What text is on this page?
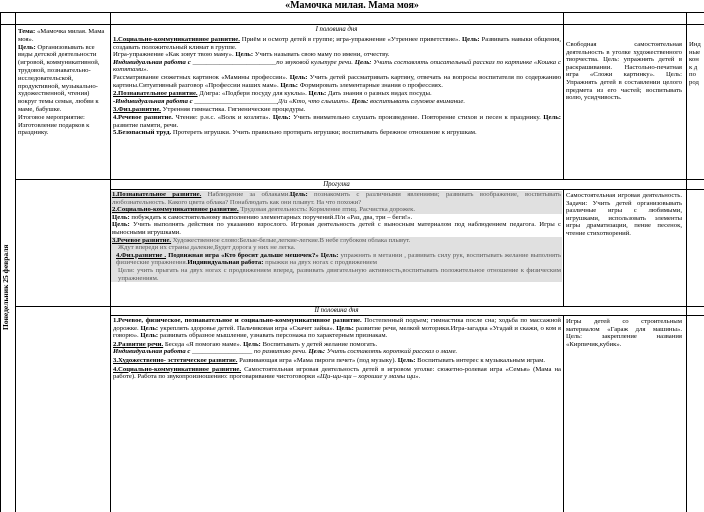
«Мамочка милая. Мама моя»
Понедельник 25 февраля

Тема: «Мамочка милая. Мама моя».

Цель: Организовывать все виды детской деятельности (игровой, коммуникативной, трудовой, познавательно-исследовательской, продуктивной, музыкально-художественной, чтения) вокруг темы семьи, любви к маме, бабушке.

Итоговое мероприятие: Изготовление подарков к празднику.

I половина дня

1.Социально-коммуникативное развитие. Приём и осмотр детей в группе; игра-упражнение «Утреннее приветствие». Цель: Развивать навыки общения, создавать положительный климат в группе.

Игра-упражнение «Как зовут твою маму». Цель: Учить называть свою маму по имени, отчеству.

Индивидуальная работа с _________________________по звуковой культуре речи. Цель: Учить составлять описательный рассказ по картинке «Кошка с котятами».

Рассматривание сюжетных картинок «Мамины профессии». Цель: Учить детей рассматривать картину, отвечать на вопросы воспитателя по содержанию картины.Ситуативный разговор «Профессии наших мам». Цель: Формировать элементарные знания о профессиях.

2.Познавательное развитие. Д/игра: «Подбери посуду для куклы». Цель: Дать знания о разных видах посуды.

-Индивидуальная работа с _________________________Д/и «Кто, что слышит». Цель: воспитывать слуховое внимание.

3.Физ.развитие. Утренняя гимнастика. Гигиенические процедуры.

4.Речевое развитие. Чтение: р.н.с. «Волк и козлята». Цель: Учить внимательно слушать произведение. Повторение стихов и песен к празднику. Цель: развитие памяти, речи.

5.Безопасный труд. Протереть игрушки. Учить правильно протирать игрушки; воспитывать бережное отношение к игрушкам.

Свободная самостоятельная деятельность в уголке художественного творчества. Цель: упражнять детей в раскрашивании. Настольно-печатная игра «Сложи картинку». Цель: Упражнять детей в составлении целого предмета из его частей; воспитывать волю, усидчивость.
Инд
ные
кон
к д
по
род
Прогулка

1.Познавательное развитие. Наблюдение за облаками.Цель: познакомить с различными явлениями; развивать воображение, воспитывать любознательность. Какого цвета облака? Понаблюдать как они плывут. На что похожи?

2.Социально-коммуникативное развитие. Трудовая деятельность: Кормление птиц. Расчистка дорожек.

Цель: побуждать к самостоятельному выполнению элементарных поручений.П/и «Раз, два, три – беги!».

Цель: Учить выполнять действия по указанию взрослого. Игровая деятельность детей с выносным материалом под наблюдением педагога. Игры с выносными игрушками.

3.Речевое развитие. Художественное слово:Белые-белые,легкие-легкие.В небе глубоком облака плывут.

Ждут впереди их страны далекие,Будет дорога у них не легка.

4.Физ.развитие . Подвижная игра «Кто бросит дальше мешочек?» Цель: упражнять в метании , развивать силу рук, воспитывать желание выполнять физические упражнения.Индивидуальная работа: прыжки на двух ногах с продвижением

Цели: учить прыгать на двух ногах с продвижением вперед, развивать двигательную активность,воспитывать положительное отношение к физическим упражнениям.

Самостоятельная игровая деятельность. Задачи: Учить детей организовывать различные игры с любимыми, игрушками, использовать элементы игры драматизации, пение песенок, чтение стихотворений.
II половина дня

1.Речевое, физическое, познавательное и социально-коммуникативное развитие. Постепенный подъем; гимнастика после сна; ходьба по массажной дорожке. Цель: укреплять здоровье детей. Пальчиковая игра «Скачет зайка». Цель: развитие речи, мелкой моторики.Игра-загадка «Угадай и скажи, о ком я говорю». Цель: развивать образное мышление, узнавать персонажа по характерным признакам.

2.Развитие речи. Беседа «Я помогаю маме». Цель: Воспитывать у детей желание помогать.

Индивидуальная работа с __________________ по развитию речи. Цель: Учить составлять короткий рассказ о маме.

3.Художественно- эстетическое развитие. Развивающая игра «Мама пироги печет» (под музыку). Цель: Воспитывать интерес к музыкальным играм.

4.Социально-коммуникативное развитие. Самостоятельная игровая деятельность детей в игровом уголке: сюжетно-ролевая игра «Семья» (Мама на работе). Работа по звукопроизношению: проговаривание чистоговорки «Щи-щи-щи – хорошие у мамы щи».

Игры детей со строительным материалом «Гараж для машины». Цель: закрепление названия «Кирпичик,кубик».
